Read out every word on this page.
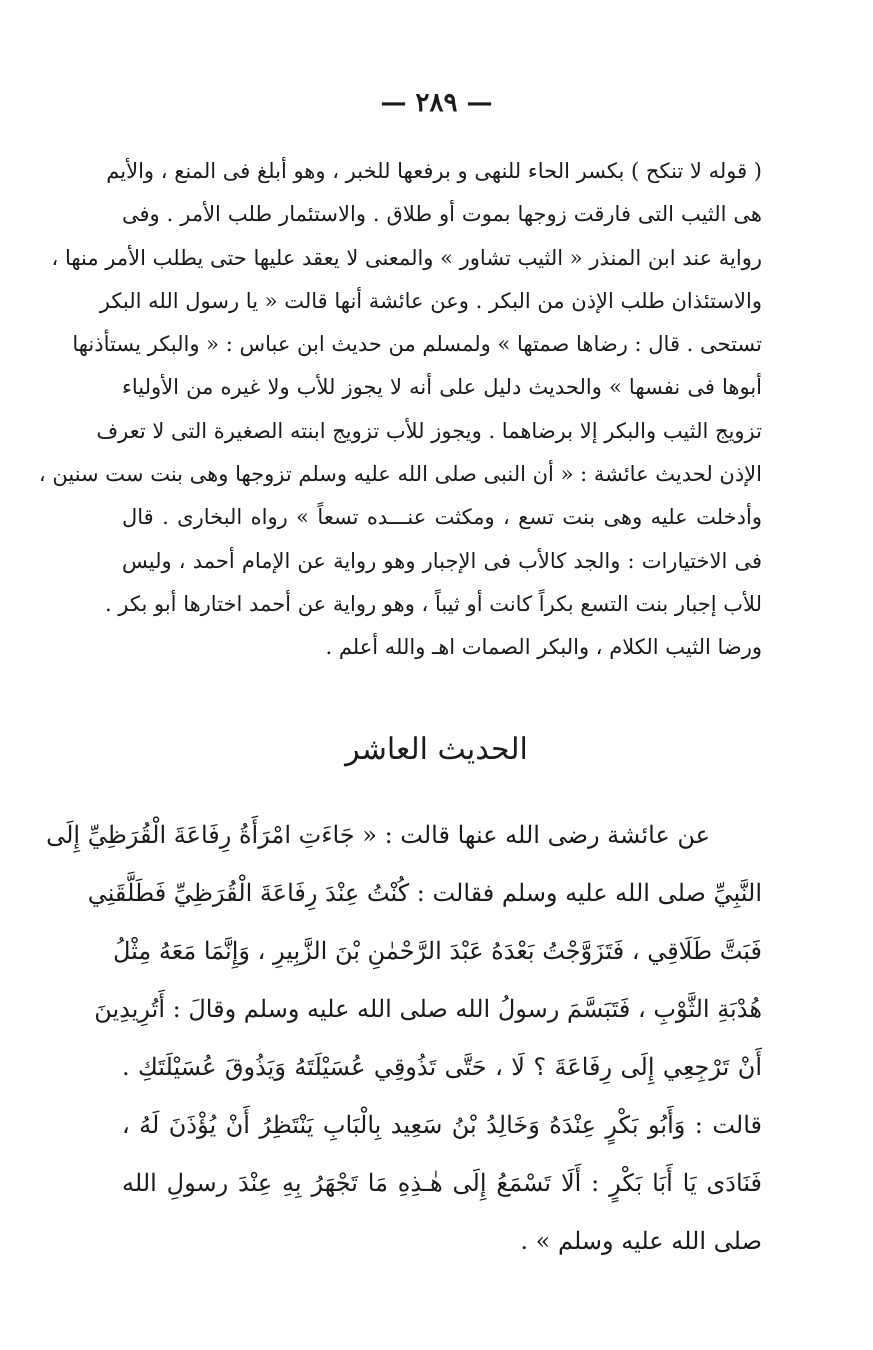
— ٢٨٩ —
( قوله لا تنكح ) بكسر الحاء للنهى و برفعها للخبر ، وهو أبلغ فى المنع ، والأيم
هى الثيب التى فارقت زوجها بموت أو طلاق . والاستئمار طلب الأمر . وفى
رواية عند ابن المنذر « الثيب تشاور » والمعنى لا يعقد عليها حتى يطلب الأمر منها ،
والاستئذان طلب الإذن من البكر . وعن عائشة أنها قالت « يا رسول الله البكر
تستحى . قال : رضاها صمتها » ولمسلم من حديث ابن عباس : « والبكر يستأذنها
أبوها فى نفسها » والحديث دليل على أنه لا يجوز للأب ولا غيره من الأولياء
تزويج الثيب والبكر إلا برضاهما . ويجوز للأب تزويج ابنته الصغيرة التى لا تعرف
الإذن لحديث عائشة : « أن النبى صلى الله عليه وسلم تزوجها وهى بنت ست سنين ،
وأدخلت عليه وهى بنت تسع ، ومكثت عنـــده تسعاً » رواه البخارى . قال
فى الاختيارات : والجد كالأب فى الإجبار وهو رواية عن الإمام أحمد ، وليس
للأب إجبار بنت التسع بكراً كانت أو ثيباً ، وهو رواية عن أحمد اختارها أبو بكر .
ورضا الثيب الكلام ، والبكر الصمات اهـ والله أعلم .
الحديث العاشر
عن عائشة رضى الله عنها قالت : « جَاءَتِ امْرَأَةُ رِفَاعَةَ الْقُرَظِيِّ إِلَى
النَّبِيِّ صلى الله عليه وسلم فقالت : كُنْتُ عِنْدَ رِفَاعَةَ الْقُرَظِيِّ فَطَلَّقَنِي
فَبَتَّ طَلَاقِي ، فَتَزَوَّجْتُ بَعْدَهُ عَبْدَ الرَّحْمٰنِ بْنَ الزَّبِيرِ ، وَإِنَّمَا مَعَهُ مِثْلُ
هُدْبَةِ الثَّوْبِ ، فَتَبَسَّمَ رسولُ الله صلى الله عليه وسلم وقالَ : أَتُرِيدِينَ
أَنْ تَرْجِعِي إِلَى رِفَاعَةَ ؟ لَا ، حَتَّى تَذُوقِي عُسَيْلَتَهُ وَيَذُوقَ عُسَيْلَتَكِ .
قالت : وَأَبُو بَكْرٍ عِنْدَهُ وَخَالِدُ بْنُ سَعِيد بِالْبَابِ يَنْتَظِرُ أَنْ يُؤْذَنَ لَهُ ،
فَنَادَى يَا أَبَا بَكْرٍ : أَلَا تَسْمَعُ إِلَى هٰـذِهِ مَا تَجْهَرُ بِهِ عِنْدَ رسولِ الله
صلى الله عليه وسلم » .
